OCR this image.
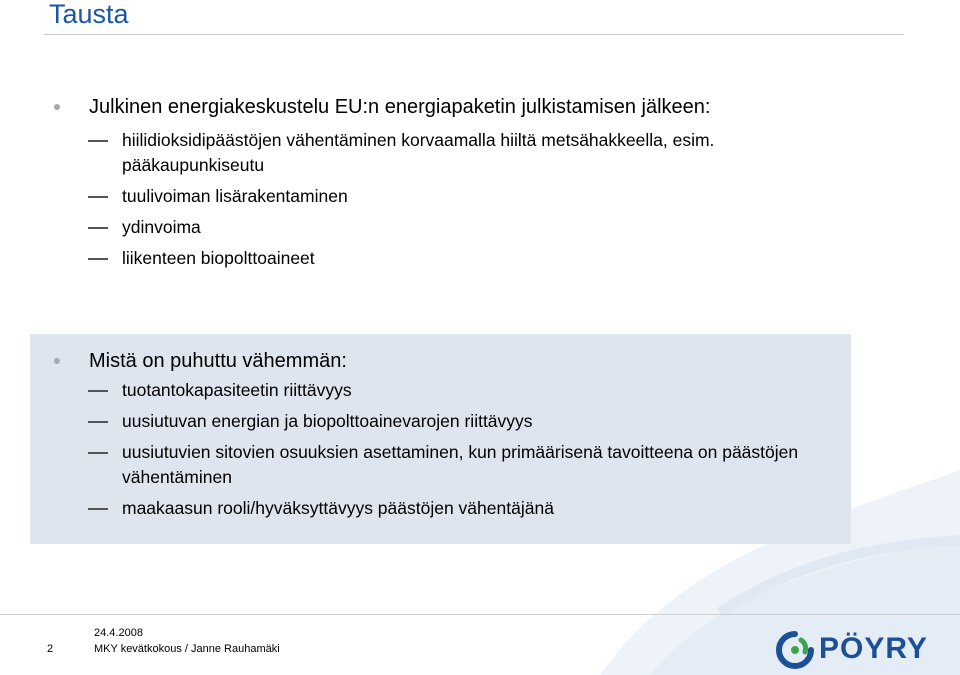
Tausta
Julkinen energiakeskustelu EU:n energiapaketin julkistamisen jälkeen:
hiilidioksidipäästöjen vähentäminen korvaamalla hiiltä metsähakkeella, esim. pääkaupunkiseutu
tuulivoiman lisärakentaminen
ydinvoima
liikenteen biopolttoaineet
Mistä on puhuttu vähemmän:
tuotantokapasiteetin riittävyys
uusiutuvan energian ja biopolttoainevarojen riittävyys
uusiutuvien sitovien osuuksien asettaminen, kun primäärisenä tavoitteena on päästöjen vähentäminen
maakaasun rooli/hyväksyttävyys päästöjen vähentäjänä
2
24.4.2008
MKY kevätkokous / Janne Rauhamäki	PÖYRY
